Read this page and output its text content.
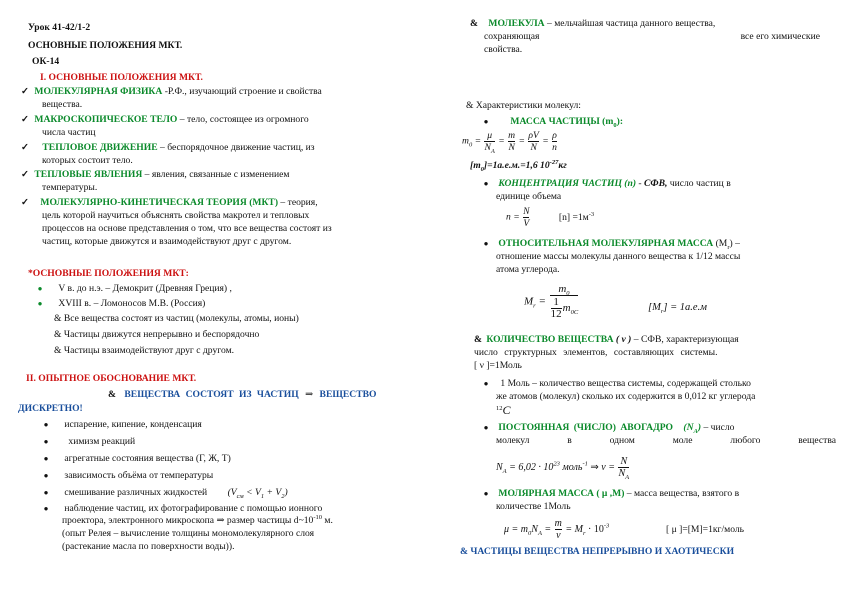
Урок 41-42/1-2
ОСНОВНЫЕ ПОЛОЖЕНИЯ МКТ.
ОК-14
I. ОСНОВНЫЕ ПОЛОЖЕНИЯ МКТ.
✓ МОЛЕКУЛЯРНАЯ ФИЗИКА -Р.Ф., изучающий строение и свойства
вещества.
✓ МАКРОСКОПИЧЕСКОЕ ТЕЛО – тело, состоящее из огромного
числа частиц
✓ ТЕПЛОВОЕ ДВИЖЕНИЕ – беспорядочное движение частиц, из
которых состоит тело.
✓ ТЕПЛОВЫЕ ЯВЛЕНИЯ – явления, связанные с изменением
температуры.
✓ МОЛЕКУЛЯРНО-КИНЕТИЧЕСКАЯ ТЕОРИЯ (МКТ) – теория,
цель которой научиться объяснять свойства макротел и тепловых
процессов на основе представления о том, что все вещества состоят из
частиц, которые движутся и взаимодействуют друг с другом.
*ОСНОВНЫЕ ПОЛОЖЕНИЯ МКТ:
● V в. до н.э. – Демокрит (Древняя Греция) ,
● XVIII в. – Ломоносов М.В. (Россия)
& Все вещества состоят из частиц (молекулы, атомы, ионы)
& Частицы движутся непрерывно и беспорядочно
& Частицы взаимодействуют друг с другом.
II. ОПЫТНОЕ ОБОСНОВАНИЕ МКТ.
& ВЕЩЕСТВА СОСТОЯТ ИЗ ЧАСТИЦ ⇒ ВЕЩЕСТВО
ДИСКРЕТНО!
● испарение, кипение, конденсация
● химизм реакций
● агрегатные состояния вещества (Г, Ж, Т)
● зависимость объёма от температуры
● смешивание различных жидкостей $(V_{см} < V_1 + V_2)$
● наблюдение частиц, их фотографирование с помощью ионного
проектора, электронного микроскопа ⇒ размер частицы $d\sim 10^{-10}$ м.
(опыт Релея – вычисление толщины мономолекулярного слоя
(растекание масла по поверхности воды)).
& МОЛЕКУЛА – мельчайшая частица данного вещества,
сохраняющая	все его химические
свойства.
& Характеристики молекул:
● МАССА ЧАСТИЦЫ $(m_0)$:
$m_0 = \frac{\mu}{N_A} = \frac{m}{N} = \frac{\rho V}{N} = \frac{\rho}{n}$
$[m_0]=1а.е.м.=1,6$ $10^{-27}кг$
● КОНЦЕНТРАЦИЯ ЧАСТИЦ (n) - СФВ, число частиц в
единице объема
$n = \frac{N}{V}$	$[n] =1м^{-3}$
● ОТНОСИТЕЛЬНАЯ МОЛЕКУЛЯРНАЯ МАССА $(M_r)$ –
отношение массы молекулы данного вещества к 1/12 массы
атома углерода.
$M_r = \frac{m_0}{\frac{1}{12} m_{0C}}$	$[M_r] = 1а.е.м$
& КОЛИЧЕСТВО ВЕЩЕСТВА ( ν ) – СФВ, характеризующая
число структурных элементов, составляющих системы.
[ ν ]=1Моль
● 1 Моль – количество вещества системы, содержащей столько
же атомов (молекул) сколько их содержится в 0,012 кг углерода
$^{12}$C
● ПОСТОЯННАЯ (ЧИСЛО) АВОГАДРО $(N_A)$ – число
молекул	в	одном	моле	любого	вещества
$N_A = 6,02 \cdot 10^{23}$ моль$^{-1}$ ⇒ $\nu = \frac{N}{N_A}$
● МОЛЯРНАЯ МАССА ( μ ,M) – масса вещества, взятого в
количестве 1Моль
$\mu = m_0N_A = \frac{m}{\nu} = M_r \cdot 10^{-3}$	[ μ ]=[M]=1кг/моль
& ЧАСТИЦЫ ВЕЩЕСТВА НЕПРЕРЫВНО И ХАОТИЧЕСКИ
